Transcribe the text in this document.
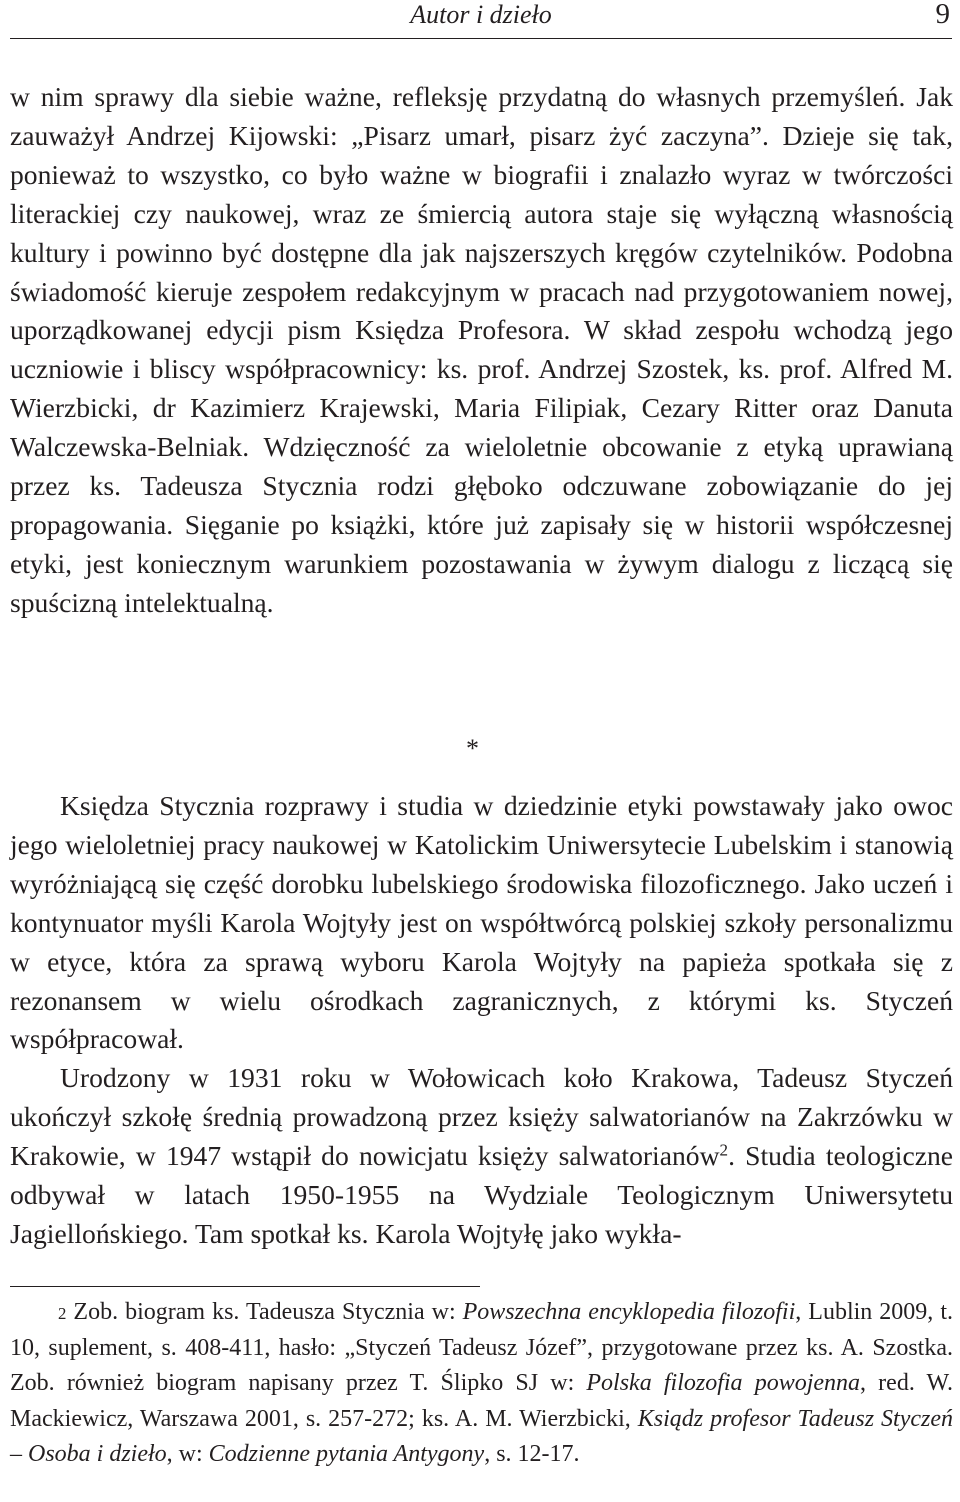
Autor i dzieło	9

w nim sprawy dla siebie ważne, refleksję przydatną do własnych przemyśleń. Jak zauważył Andrzej Kijowski: „Pisarz umarł, pisarz żyć zaczyna”. Dzieje się tak, ponieważ to wszystko, co było ważne w biografii i znalazło wyraz w twórczości literackiej czy naukowej, wraz ze śmiercią autora staje się wyłączną własnością kultury i powinno być dostępne dla jak najszerszych kręgów czytelników. Podobna świadomość kieruje zespołem redakcyjnym w pracach nad przygotowaniem nowej, uporządkowanej edycji pism Księdza Profesora. W skład zespołu wchodzą jego uczniowie i bliscy współpracownicy: ks. prof. Andrzej Szostek, ks. prof. Alfred M. Wierzbicki, dr Kazimierz Krajewski, Maria Filipiak, Cezary Ritter oraz Danuta Walczewska-Belniak. Wdzięczność za wieloletnie obcowanie z etyką uprawianą przez ks. Tadeusza Stycznia rodzi głęboko odczuwane zobowiązanie do jej propagowania. Sięganie po książki, które już zapisały się w historii współczesnej etyki, jest koniecznym warunkiem pozostawania w żywym dialogu z liczącą się spuścizną intelektualną.

*

Księdza Stycznia rozprawy i studia w dziedzinie etyki powstawały jako owoc jego wieloletniej pracy naukowej w Katolickim Uniwersytecie Lubelskim i stanowią wyróżniającą się część dorobku lubelskiego środowiska filozoficznego. Jako uczeń i kontynuator myśli Karola Wojtyły jest on współtwórcą polskiej szkoły personalizmu w etyce, która za sprawą wyboru Karola Wojtyły na papieża spotkała się z rezonansem w wielu ośrodkach zagranicznych, z którymi ks. Styczeń współpracował.

Urodzony w 1931 roku w Wołowicach koło Krakowa, Tadeusz Styczeń ukończył szkołę średnią prowadzoną przez księży salwatorianów na Zakrzówku w Krakowie, w 1947 wstąpił do nowicjatu księży salwatorianów$^2$. Studia teologiczne odbywał w latach 1950-1955 na Wydziale Teologicznym Uniwersytetu Jagiellońskiego. Tam spotkał ks. Karola Wojtyłę jako wykła-

2 Zob. biogram ks. Tadeusza Stycznia w: Powszechna encyklopedia filozofii, Lublin 2009, t. 10, suplement, s. 408-411, hasło: „Styczeń Tadeusz Józef”, przygotowane przez ks. A. Szostka. Zob. również biogram napisany przez T. Ślipko SJ w: Polska filozofia powojenna, red. W. Mackiewicz, Warszawa 2001, s. 257-272; ks. A. M. Wierzbicki, Ksiądz profesor Tadeusz Styczeń – Osoba i dzieło, w: Codzienne pytania Antygony, s. 12-17.
